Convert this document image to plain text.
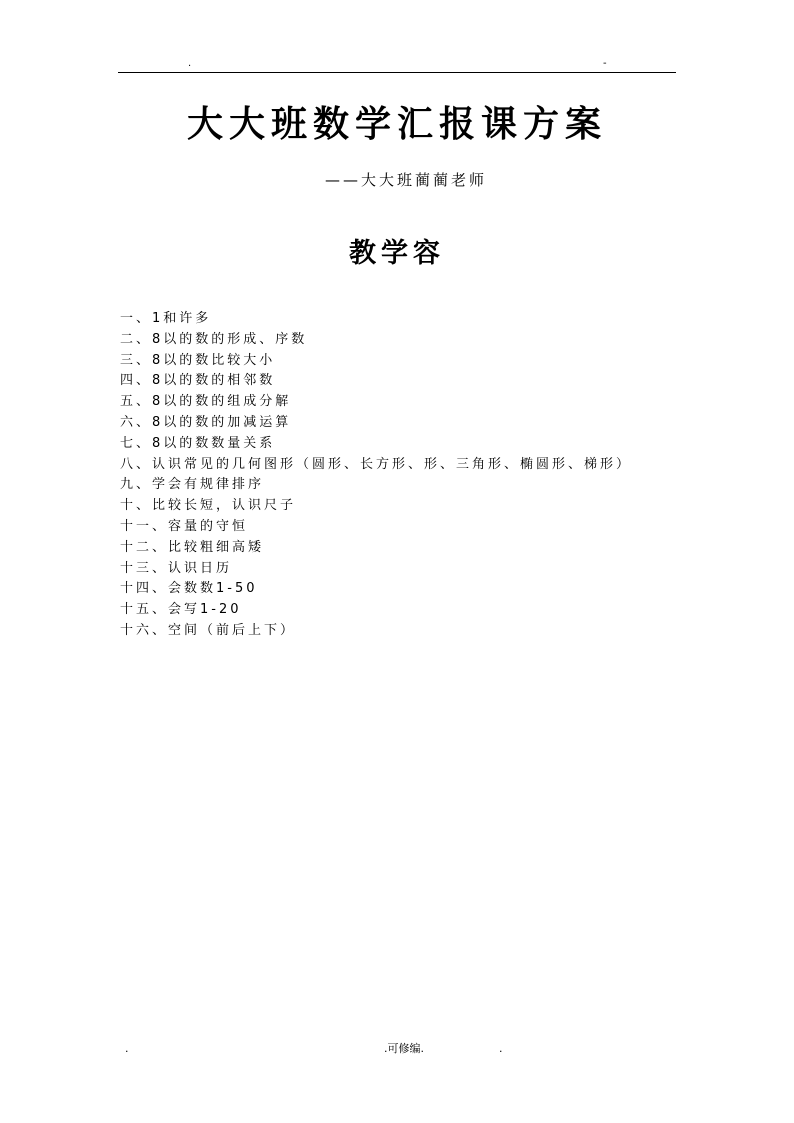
.	-
大大班数学汇报课方案
——大大班蔺蔺老师
教学容
一、1和许多
二、8以的数的形成、序数
三、8以的数比较大小
四、8以的数的相邻数
五、8以的数的组成分解
六、8以的数的加减运算
七、8以的数数量关系
八、认识常见的几何图形（圆形、长方形、形、三角形、椭圆形、梯形）
九、学会有规律排序
十、比较长短，认识尺子
十一、容量的守恒
十二、比较粗细高矮
十三、认识日历
十四、会数数1-50
十五、会写1-20
十六、空间（前后上下）
.	.可修编.	.
